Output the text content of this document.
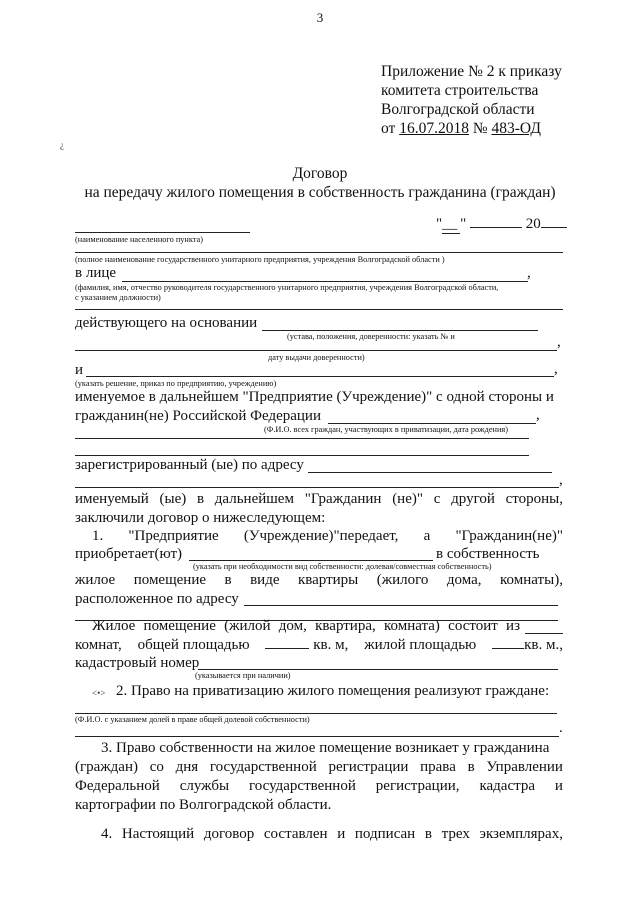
3
Приложение № 2 к приказу
комитета строительства
Волгоградской области
от 16.07.2018 № 483-ОД
¿
Договор
на передачу жилого помещения в собственность гражданина (граждан)
"__ "	20
(наименование населенного пункта)
(полное наименование государственного унитарного предприятия, учреждения Волгоградской области )
в лице	,
(фамилия, имя, отчество руководителя государственного унитарного предприятия, учреждения Волгоградской области,
с указанием должности)
действующего на основании
(устава, положения, доверенности: указать № и	,
дату выдачи доверенности)
и	,
(указать решение, приказ по предприятию, учреждению)
именуемое в дальнейшем "Предприятие (Учреждение)" с одной стороны и
гражданин(не) Российской Федерации	,
(Ф.И.О. всех граждан, участвующих в приватизации, дата рождения)
зарегистрированный (ые) по адресу
,
именуемый (ые) в дальнейшем "Гражданин (не)" с другой стороны,
заключили договор о нижеследующем:
1. "Предприятие (Учреждение)"передает, а "Гражданин(не)"
приобретает(ют)	в собственность
(указать при необходимости вид собственности: долевая/совместная собственность)
жилое помещение в виде квартиры (жилого дома, комнаты),
расположенное по адресу
Жилое помещение (жилой дом, квартира, комната) состоит из
комнат, общей площадью	кв. м, жилой площадью	кв. м.,
кадастровый номер
(указывается при наличии)
<•> 2. Право на приватизацию жилого помещения реализуют граждане:
(Ф.И.О. с указанием долей в праве общей долевой собственности)
.
3. Право собственности на жилое помещение возникает у гражданина
(граждан) со дня государственной регистрации права в Управлении
Федеральной службы государственной регистрации, кадастра и
картографии по Волгоградской области.
4. Настоящий договор составлен и подписан в трех экземплярах,
